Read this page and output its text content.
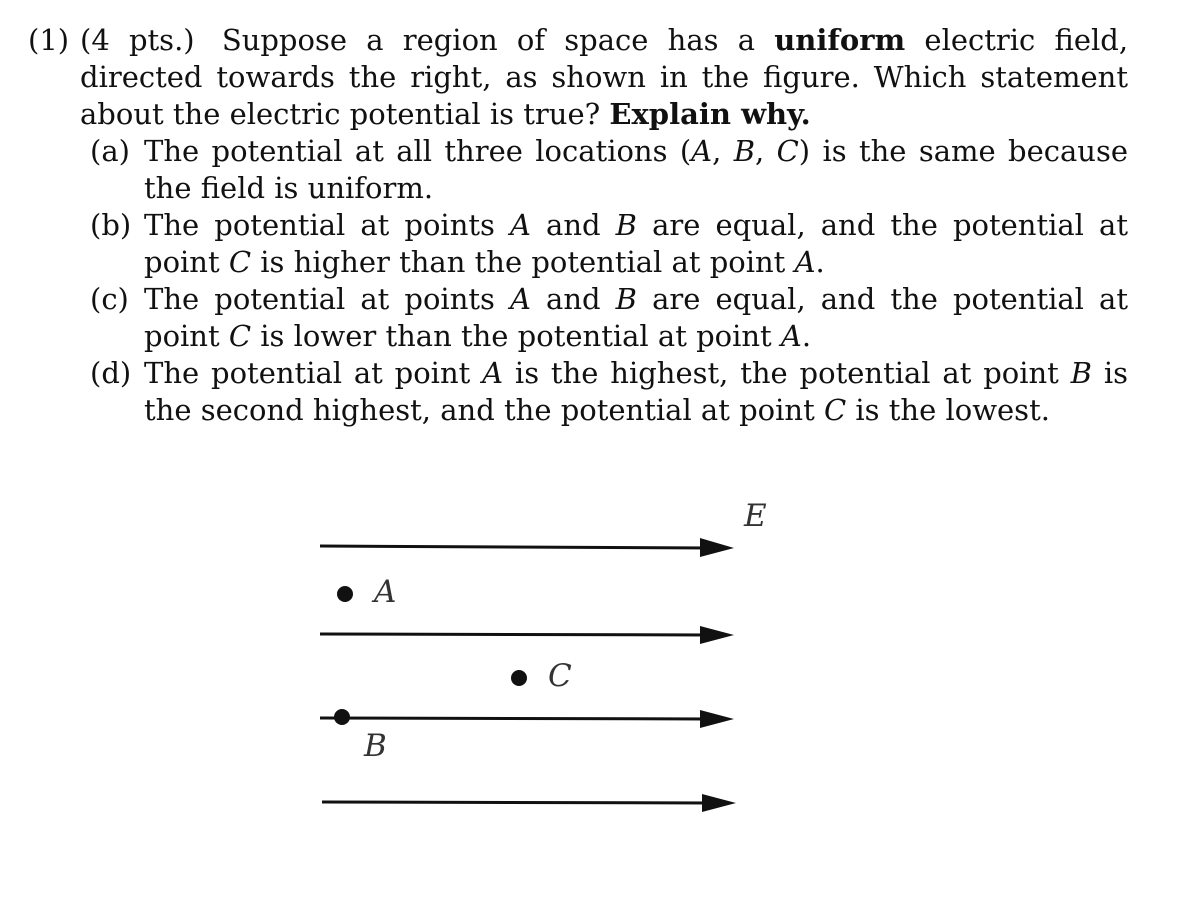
(1) (4 pts.) Suppose a region of space has a uniform electric field, directed towards the right, as shown in the figure. Which statement about the electric potential is true? Explain why.
(a) The potential at all three locations (A, B, C) is the same because the field is uniform.
(b) The potential at points A and B are equal, and the potential at point C is higher than the potential at point A.
(c) The potential at points A and B are equal, and the potential at point C is lower than the potential at point A.
(d) The potential at point A is the highest, the potential at point B is the second highest, and the potential at point C is the lowest.
E
A
C
B
